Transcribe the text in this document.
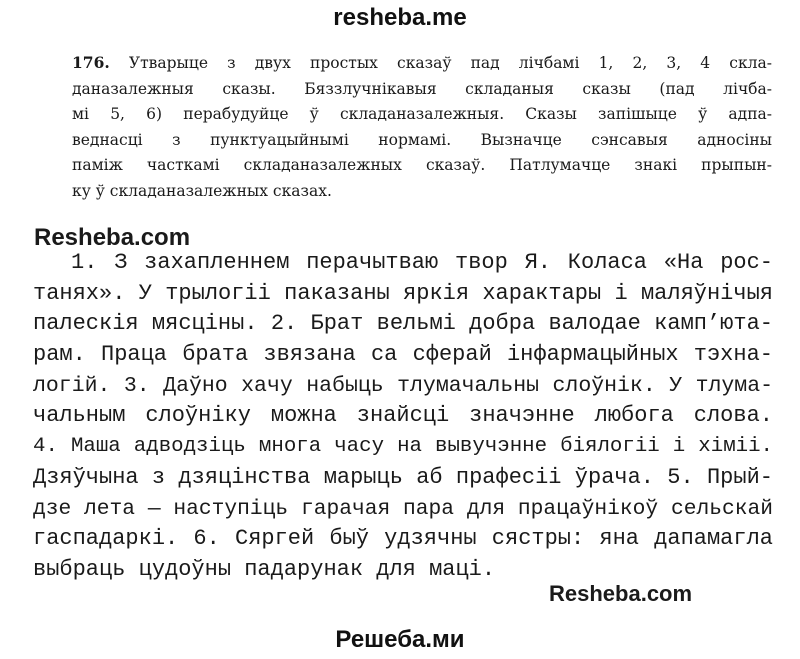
resheba.me
176. Утварыце з двух простых сказаў пад лічбамі 1, 2, 3, 4 скла-
даназалежныя сказы. Бяззлучнікавыя складаныя сказы (пад лічба-
мі 5, 6) перабудуйце ў складаназалежныя. Сказы запішыце ў адпа-
веднасці з пунктуацыйнымі нормамі. Вызначце сэнсавыя адносіны
паміж часткамі складаназалежных сказаў. Патлумачце знакі прыпын-
ку ў складаназалежных сказах.
Resheba.com
1. З захапленнем перачытваю твор Я. Коласа «На рос-
танях». У трылогіі паказаны яркія характары і маляўнічыя
палескія мясціны. 2. Брат вельмі добра валодае камп’юта-
рам. Праца брата звязана са сферай інфармацыйных тэхна-
логій. 3. Даўно хачу набыць тлумачальны слоўнік. У тлума-
чальным слоўніку можна знайсці значэнне любога слова.
4. Маша адводзіць многа часу на вывучэнне біялогіі і хіміі.
Дзяўчына з дзяцінства марыць аб прафесіі ўрача. 5. Прый-
дзе лета — наступіць гарачая пара для працаўнікоў сельскай
гаспадаркі. 6. Сяргей быў удзячны сястры: яна дапамагла
выбраць цудоўны падарунак для маці.
Resheba.com
Решеба.ми
